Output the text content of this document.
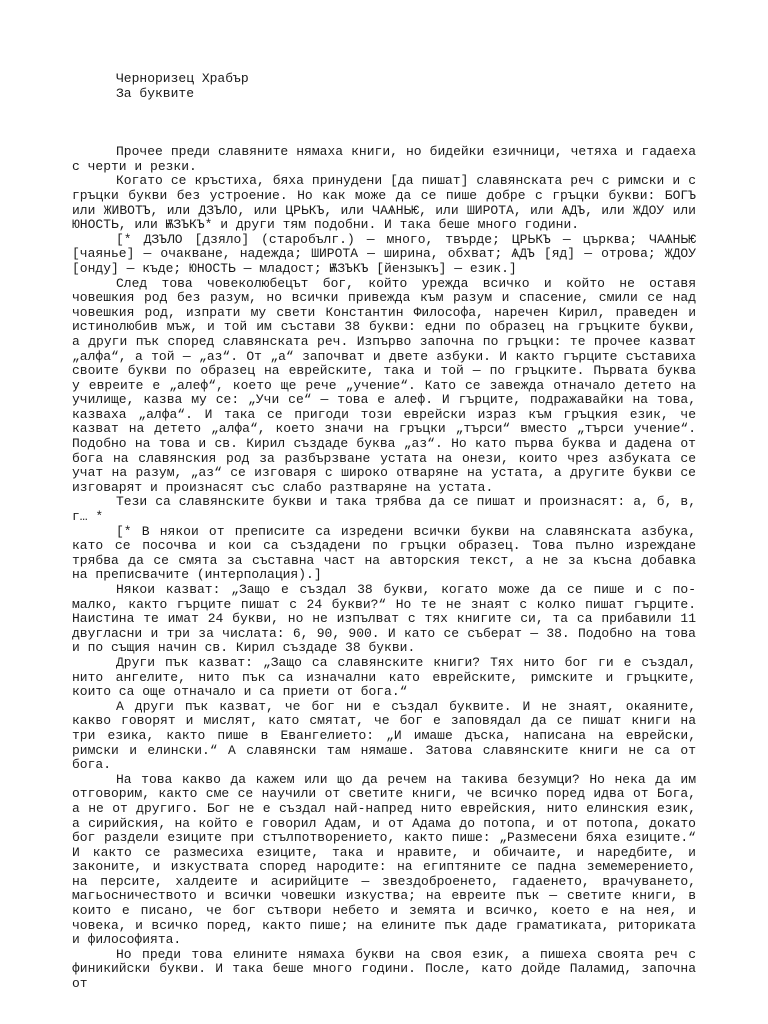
Черноризец Храбър

За буквите

Прочее преди славяните нямаха книги, но бидейки езичници, четяха и гадаеха с черти и резки.

Когато се кръстиха, бяха принудени [да пишат] славянската реч с римски и с гръцки букви без устроение. Но как може да се пише добре с гръцки букви: БОГЪ или ЖИВОТЪ, или ДЗЪЛО, или ЦРЬКЪ, или ЧАѦНЬѤ, или ШИРОТА, или ѦДЪ, или ЖДОУ или ЮНОСТЬ, или ѬЗЪКЪ* и други тям подобни. И така беше много години.

[* ДЗЪЛО [дзяло] (старобълг.) — много, твърде; ЦРЬКЪ — църква; ЧАѦНЬѤ [чаянье] — очакване, надежда; ШИРОТА — ширина, обхват; ѦДЪ [яд] — отрова; ЖДОУ [онду] — къде; ЮНОСТЬ — младост; ѬЗЪКЪ [йензыкъ] — език.]

След това човеколюбецът бог, който урежда всичко и който не оставя човешкия род без разум, но всички привежда към разум и спасение, смили се над човешкия род, изпрати му свети Константин Философа, наречен Кирил, праведен и истинолюбив мъж, и той им състави 38 букви: едни по образец на гръцките букви, а други пък според славянската реч. Изпърво започна по гръцки: те прочее казват „алфа“, а той — „аз“. От „а“ започват и двете азбуки. И както гърците съставиха своите букви по образец на еврейските, така и той — по гръцките. Първата буква у евреите е „алеф“, което ще рече „учение“. Като се завежда отначало детето на училище, казва му се: „Учи се“ — това е алеф. И гърците, подражавайки на това, казваха „алфа“. И така се пригоди този еврейски израз към гръцкия език, че казват на детето „алфа“, което значи на гръцки „търси“ вместо „търси учение“. Подобно на това и св. Кирил създаде буква „аз“. Но като първа буква и дадена от бога на славянския род за разбързване устата на онези, които чрез азбуката се учат на разум, „аз“ се изговаря с широко отваряне на устата, а другите букви се изговарят и произнасят със слабо разтваряне на устата.

Тези са славянските букви и така трябва да се пишат и произнасят: а, б, в, г… *

[* В някои от преписите са изредени всички букви на славянската азбука, като се посочва и кои са създадени по гръцки образец. Това пълно изреждане трябва да се смята за съставна част на авторския текст, а не за късна добавка на преписвачите (интерполация).]

Някои казват: „Защо е създал 38 букви, когато може да се пише и с по-малко, както гърците пишат с 24 букви?“ Но те не знаят с колко пишат гърците. Наистина те имат 24 букви, но не изпълват с тях книгите си, та са прибавили 11 двугласни и три за числата: 6, 90, 900. И като се съберат — 38. Подобно на това и по същия начин св. Кирил създаде 38 букви.

Други пък казват: „Защо са славянските книги? Тях нито бог ги е създал, нито ангелите, нито пък са изначални като еврейските, римските и гръцките, които са още отначало и са приети от бога.“

А други пък казват, че бог ни е създал буквите. И не знаят, окаяните, какво говорят и мислят, като смятат, че бог е заповядал да се пишат книги на три езика, както пише в Евангелието: „И имаше дъска, написана на еврейски, римски и елински.“ А славянски там нямаше. Затова славянските книги не са от бога.

На това какво да кажем или що да речем на такива безумци? Но нека да им отговорим, както сме се научили от светите книги, че всичко поред идва от Бога, а не от другиго. Бог не е създал най-напред нито еврейския, нито елинския език, а сирийския, на който е говорил Адам, и от Адама до потопа, и от потопа, докато бог раздели езиците при стълпотворението, както пише: „Размесени бяха езиците.“ И както се размесиха езиците, така и нравите, и обичаите, и наредбите, и законите, и изкуствата според народите: на египтяните се падна земемерението, на персите, халдеите и асирийците — звездоброенето, гадаенето, врачуването, магьосничеството и всички човешки изкуства; на евреите пък — светите книги, в които е писано, че бог сътвори небето и земята и всичко, което е на нея, и човека, и всичко поред, както пише; на елините пък даде граматиката, риториката и философията.

Но преди това елините нямаха букви на своя език, а пишеха своята реч с финикийски букви. И така беше много години. После, като дойде Паламид, започна от
